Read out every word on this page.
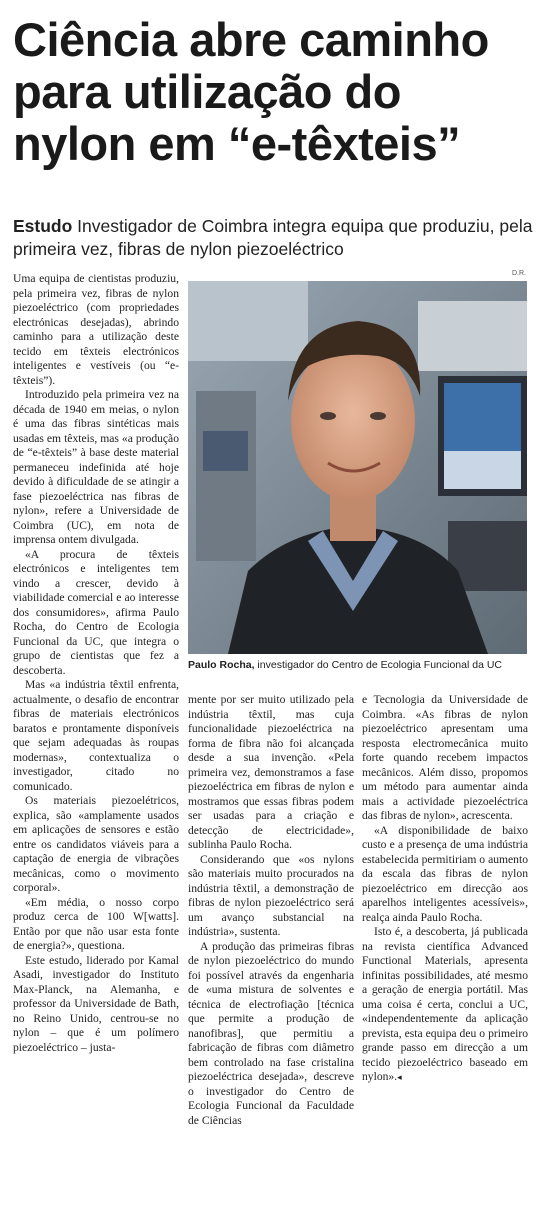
Ciência abre caminho
para utilização do
nylon em “e-têxteis”
Estudo Investigador de Coimbra integra equipa que produziu, pela primeira vez, fibras de nylon piezoeléctrico
D.R.

Uma equipa de cientistas produziu, pela primeira vez, fibras de nylon piezoeléctrico (com propriedades electrónicas desejadas), abrindo caminho para a utilização deste tecido em têxteis electrónicos inteligentes e vestíveis (ou “e-têxteis”).

Introduzido pela primeira vez na década de 1940 em meias, o nylon é uma das fibras sintéticas mais usadas em têxteis, mas «a produção de “e-têxteis” à base deste material permaneceu indefinida até hoje devido à dificuldade de se atingir a fase piezoeléctrica nas fibras de nylon», refere a Universidade de Coimbra (UC), em nota de imprensa ontem divulgada.

«A procura de têxteis electrónicos e inteligentes tem vindo a crescer, devido à viabilidade comercial e ao interesse dos consumidores», afirma Paulo Rocha, do Centro de Ecologia Funcional da UC, que integra o grupo de cientistas que fez a descoberta.

Mas «a indústria têxtil enfrenta, actualmente, o desafio de encontrar fibras de materiais electrónicos baratos e prontamente disponíveis que sejam adequadas às roupas modernas», contextualiza o investigador, citado no comunicado.

Os materiais piezoelétricos, explica, são «amplamente usados em aplicações de sensores e estão entre os candidatos viáveis para a captação de energia de vibrações mecânicas, como o movimento corporal».

«Em média, o nosso corpo produz cerca de 100 W[watts]. Então por que não usar esta fonte de energia?», questiona.

Este estudo, liderado por Kamal Asadi, investigador do Instituto Max-Planck, na Alemanha, e professor da Universidade de Bath, no Reino Unido, centrou-se no nylon – que é um polímero piezoeléctrico – justa-

Paulo Rocha, investigador do Centro de Ecologia Funcional da UC

mente por ser muito utilizado pela indústria têxtil, mas cuja funcionalidade piezoeléctrica na forma de fibra não foi alcançada desde a sua invenção. «Pela primeira vez, demonstramos a fase piezoeléctrica em fibras de nylon e mostramos que essas fibras podem ser usadas para a criação e detecção de electricidade», sublinha Paulo Rocha.

Considerando que «os nylons são materiais muito procurados na indústria têxtil, a demonstração de fibras de nylon piezoeléctrico será um avanço substancial na indústria», sustenta.

A produção das primeiras fibras de nylon piezoeléctrico do mundo foi possível através da engenharia de «uma mistura de solventes e técnica de electrofiação [técnica que permite a produção de nanofibras], que permitiu a fabricação de fibras com diâmetro bem controlado na fase cristalina piezoeléctrica desejada», descreve o investigador do Centro de Ecologia Funcional da Faculdade de Ciências

e Tecnologia da Universidade de Coimbra. «As fibras de nylon piezoeléctrico apresentam uma resposta electromecânica muito forte quando recebem impactos mecânicos. Além disso, propomos um método para aumentar ainda mais a actividade piezoeléctrica das fibras de nylon», acrescenta.

«A disponibilidade de baixo custo e a presença de uma indústria estabelecida permitiriam o aumento da escala das fibras de nylon piezoeléctrico em direcção aos aparelhos inteligentes acessíveis», realça ainda Paulo Rocha.

Isto é, a descoberta, já publicada na revista científica Advanced Functional Materials, apresenta infinitas possibilidades, até mesmo a geração de energia portátil. Mas uma coisa é certa, conclui a UC, «independentemente da aplicação prevista, esta equipa deu o primeiro grande passo em direcção a um tecido piezoeléctrico baseado em nylon».◂
